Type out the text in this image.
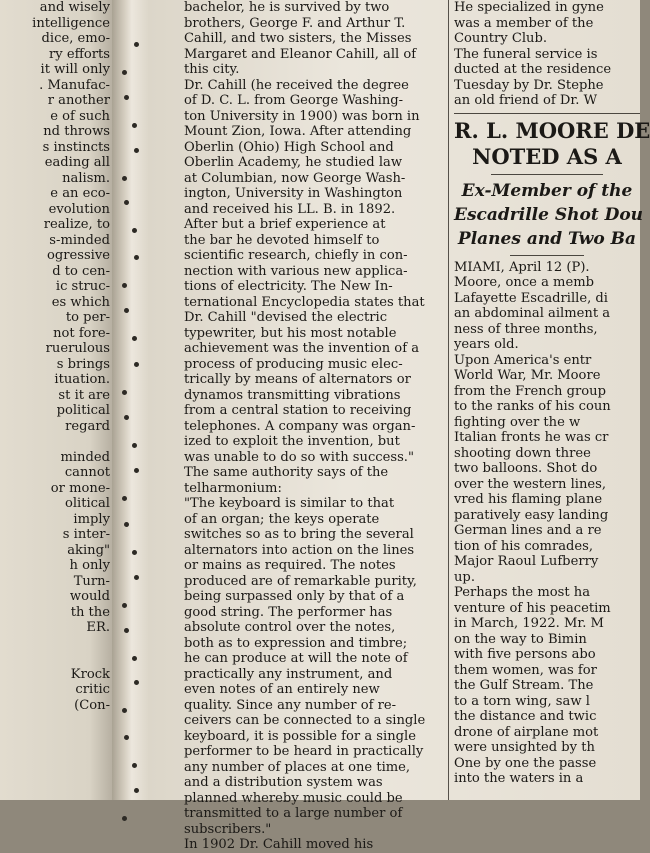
and wisely
intelligence
dice, emo-
ry efforts
it will only
. Manufac-
r another
e of such
nd throws
s instincts
eading all
nalism.
e an eco-
evolution
realize, to
s-minded
ogressive
d to cen-
ic struc-
es which
to per-
not fore-
ruerulous
s brings
ituation.
st it are
political
regard

minded
cannot
or mone-
olitical
imply
s inter-
aking"
h only
Turn-
would
th the
ER.

Krock
critic
(Con-
bachelor, he is survived by two
brothers, George F. and Arthur T.
Cahill, and two sisters, the Misses
Margaret and Eleanor Cahill, all of
this city.
Dr. Cahill (he received the degree
of D. C. L. from George Washing-
ton University in 1900) was born in
Mount Zion, Iowa. After attending
Oberlin (Ohio) High School and
Oberlin Academy, he studied law
at Columbian, now George Wash-
ington, University in Washington
and received his LL. B. in 1892.
After but a brief experience at
the bar he devoted himself to
scientific research, chiefly in con-
nection with various new applica-
tions of electricity. The New In-
ternational Encyclopedia states that
Dr. Cahill "devised the electric
typewriter, but his most notable
achievement was the invention of a
process of producing music elec-
trically by means of alternators or
dynamos transmitting vibrations
from a central station to receiving
telephones. A company was organ-
ized to exploit the invention, but
was unable to do so with success."
The same authority says of the
telharmonium:
"The keyboard is similar to that
of an organ; the keys operate
switches so as to bring the several
alternators into action on the lines
or mains as required. The notes
produced are of remarkable purity,
being surpassed only by that of a
good string. The performer has
absolute control over the notes,
both as to expression and timbre;
he can produce at will the note of
practically any instrument, and
even notes of an entirely new
quality. Since any number of re-
ceivers can be connected to a single
keyboard, it is possible for a single
performer to be heard in practically
any number of places at one time,
and a distribution system was
planned whereby music could be
transmitted to a large number of
subscribers."
In 1902 Dr. Cahill moved his
He specialized in gyne
was a member of the
Country Club.
The funeral service is
ducted at the residence
Tuesday by Dr. Stephe
an old friend of Dr. W
R. L. MOORE DE
NOTED AS A
Ex-Member of the
Escadrille Shot Dou
Planes and Two Ba
MIAMI, April 12 (P).
Moore, once a memb
Lafayette Escadrille, di
an abdominal ailment a
ness of three months,
years old.
Upon America's entr
World War, Mr. Moore
from the French group
to the ranks of his coun
fighting over the w
Italian fronts he was cr
shooting down three
two balloons. Shot do
over the western lines,
vred his flaming plane
paratively easy landing
German lines and a re
tion of his comrades,
Major Raoul Lufberry
up.
Perhaps the most ha
venture of his peacetim
in March, 1922. Mr. M
on the way to Bimin
with five persons abo
them women, was for
the Gulf Stream. The
to a torn wing, saw l
the distance and twic
drone of airplane mot
were unsighted by th
One by one the passe
into the waters in a
